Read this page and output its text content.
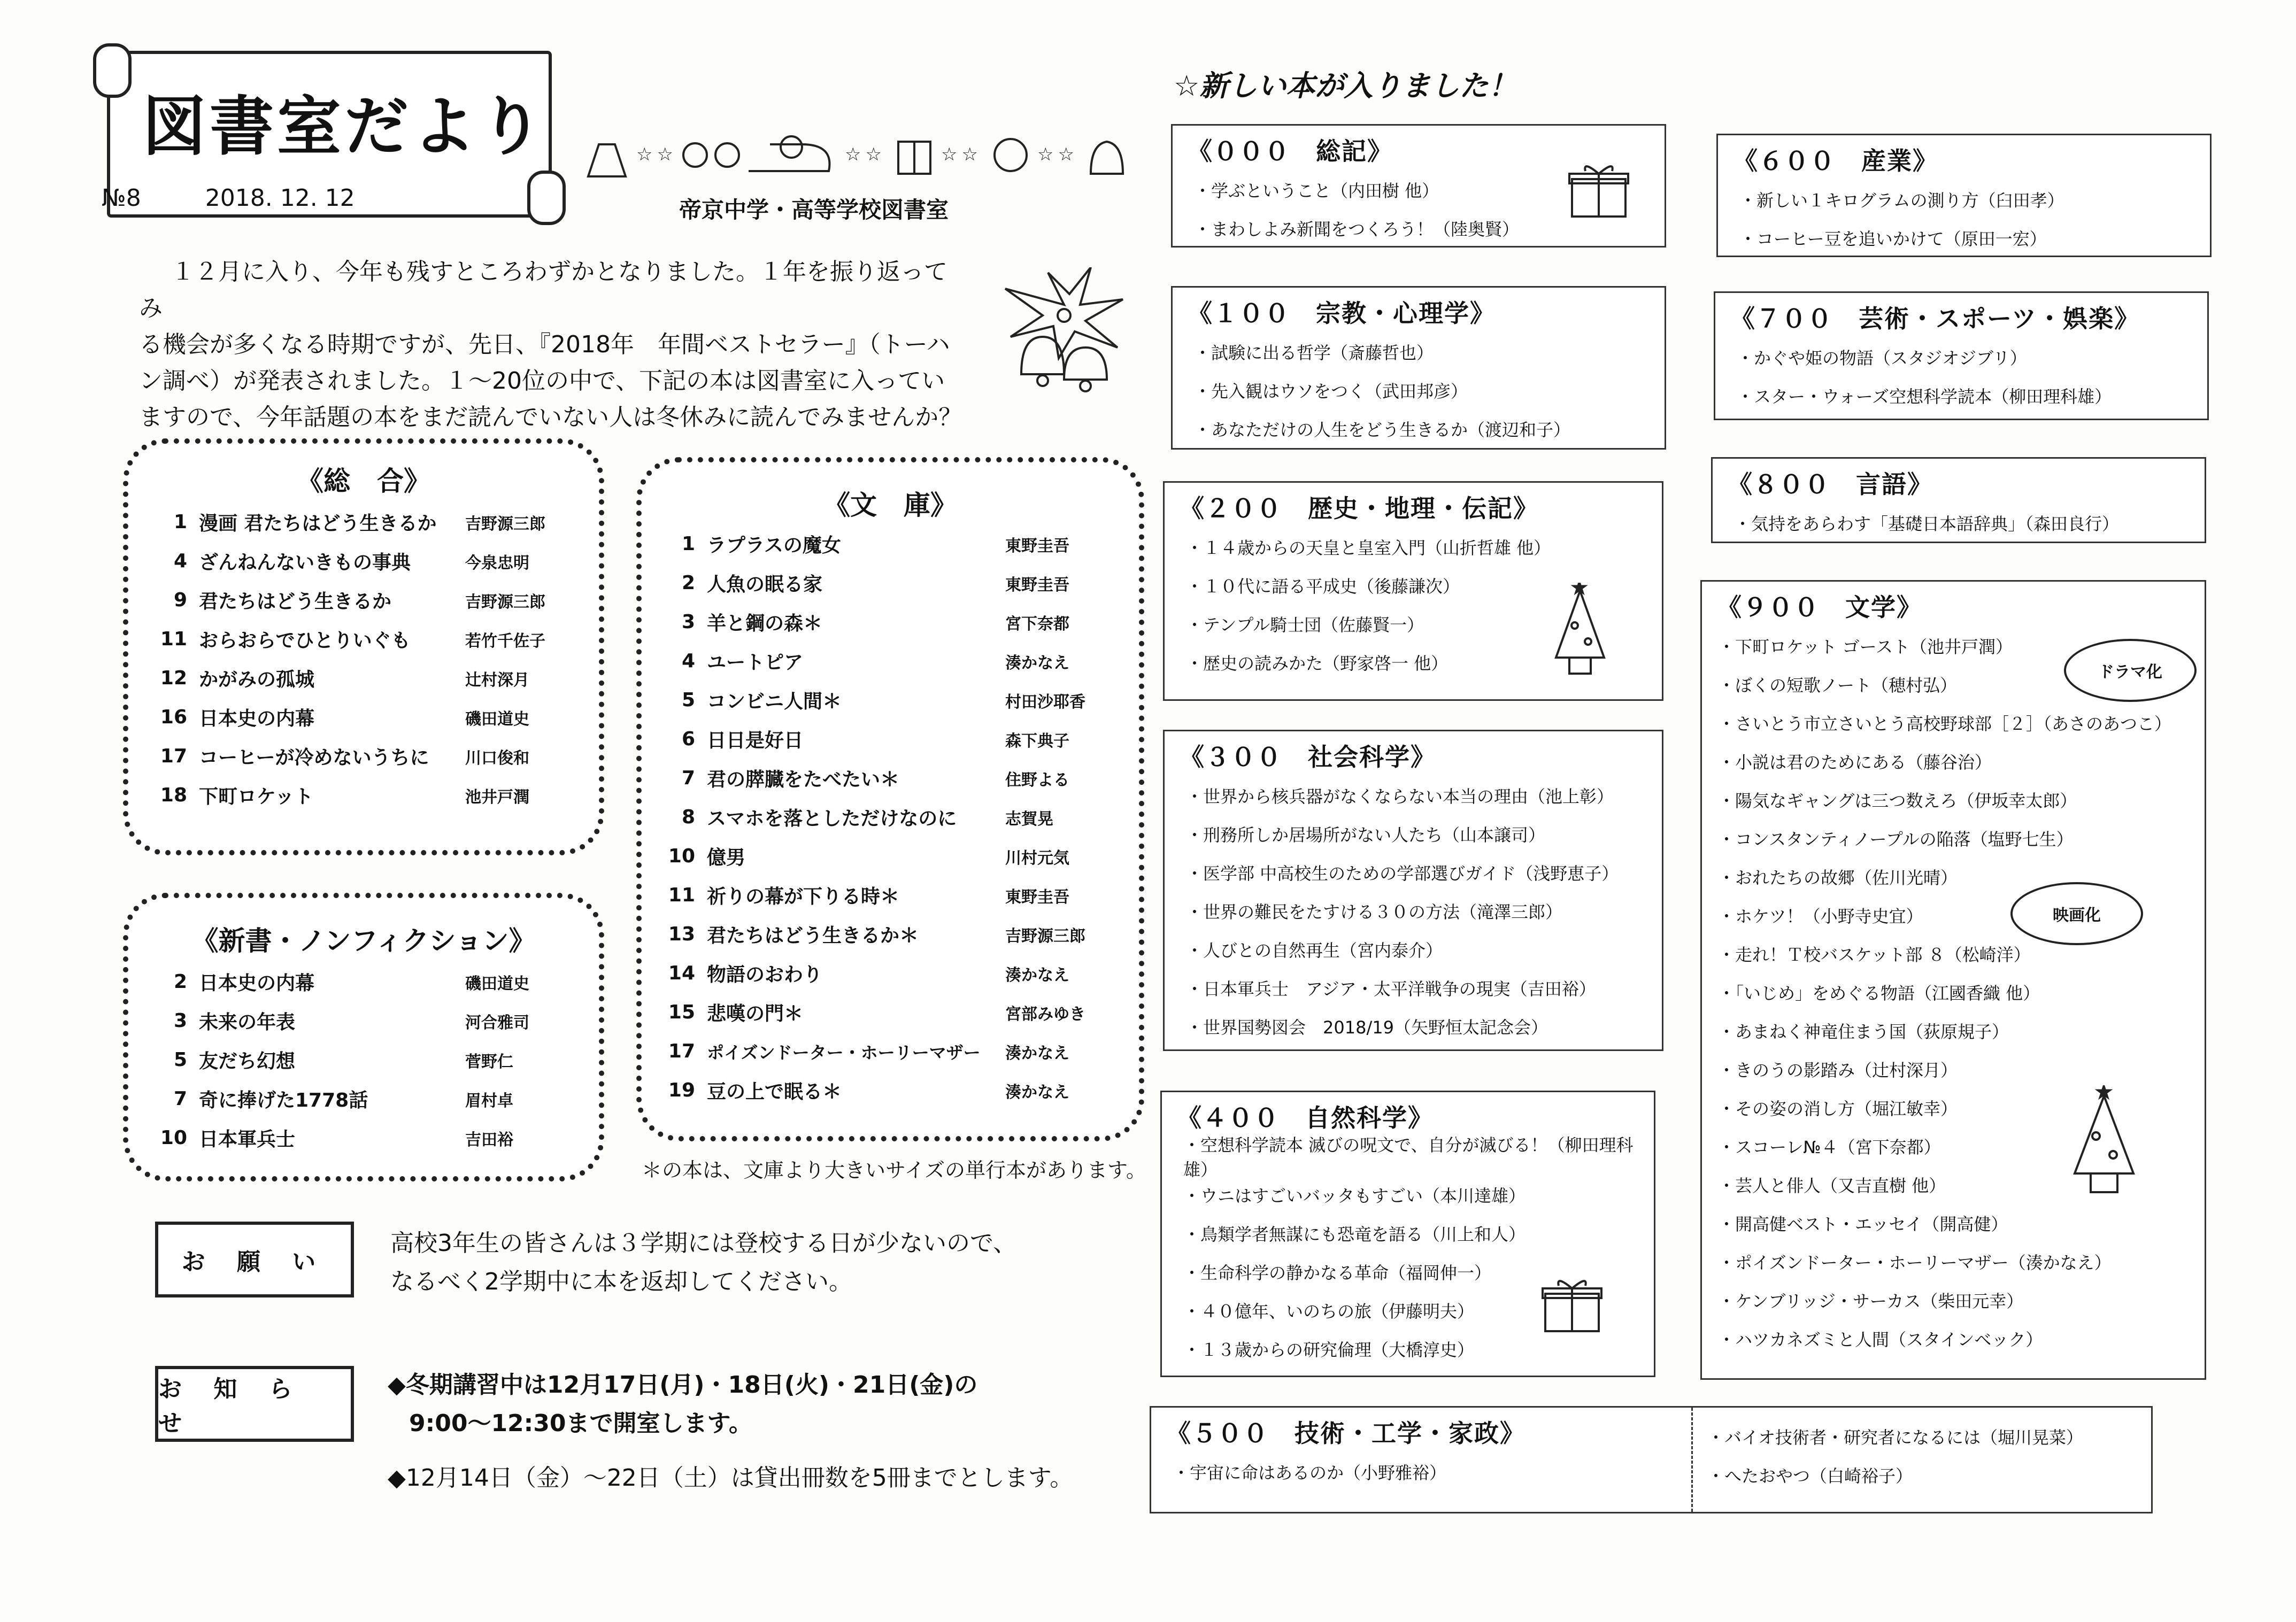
図書室だより
№8	2018. 12. 12
☆☆	☆☆	☆☆	☆☆
帝京中学・高等学校図書室
１２月に入り、今年も残すところわずかとなりました。１年を振り返ってみ
る機会が多くなる時期ですが、先日、『2018年　年間ベストセラー』（トーハ
ン調べ）が発表されました。１～20位の中で、下記の本は図書室に入ってい
ますので、今年話題の本をまだ読んでいない人は冬休みに読んでみませんか？
《総　合》
1 漫画 君たちはどう生きるか	吉野源三郎
4 ざんねんないきもの事典	今泉忠明
9 君たちはどう生きるか	吉野源三郎
11 おらおらでひとりいぐも	若竹千佐子
12 かがみの孤城	辻村深月
16 日本史の内幕	磯田道史
17 コーヒーが冷めないうちに	川口俊和
18 下町ロケット	池井戸潤
《新書・ノンフィクション》
2 日本史の内幕	磯田道史
3 未来の年表	河合雅司
5 友だち幻想	菅野仁
7 奇に捧げた1778話	眉村卓
10 日本軍兵士	吉田裕
《文　庫》
1 ラプラスの魔女	東野圭吾
2 人魚の眠る家	東野圭吾
3 羊と鋼の森＊	宮下奈都
4 ユートピア	湊かなえ
5 コンビニ人間＊	村田沙耶香
6 日日是好日	森下典子
7 君の膵臓をたべたい＊	住野よる
8 スマホを落としただけなのに	志賀晃
10 億男	川村元気
11 祈りの幕が下りる時＊	東野圭吾
13 君たちはどう生きるか＊	吉野源三郎
14 物語のおわり	湊かなえ
15 悲嘆の門＊	宮部みゆき
17 ポイズンドーター・ホーリーマザー	湊かなえ
19 豆の上で眠る＊	湊かなえ
＊の本は、文庫より大きいサイズの単行本があります。
お 願 い
高校3年生の皆さんは３学期には登校する日が少ないので、
なるべく2学期中に本を返却してください。
お 知 ら せ
◆冬期講習中は12月17日(月)・18日(火)・21日(金)の
9:00～12:30まで開室します。
◆12月14日（金）～22日（土）は貸出冊数を5冊までとします。
☆新しい本が入りました！
《０００　総記》
・学ぶということ（内田樹 他）
・まわしよみ新聞をつくろう！（陸奥賢）
《１００　宗教・心理学》
・試験に出る哲学（斎藤哲也）
・先入観はウソをつく（武田邦彦）
・あなただけの人生をどう生きるか（渡辺和子）
《２００　歴史・地理・伝記》
・１４歳からの天皇と皇室入門（山折哲雄 他）
・１０代に語る平成史（後藤謙次）
・テンプル騎士団（佐藤賢一）
・歴史の読みかた（野家啓一 他）
★
《３００　社会科学》
・世界から核兵器がなくならない本当の理由（池上彰）
・刑務所しか居場所がない人たち（山本譲司）
・医学部 中高校生のための学部選びガイド（浅野恵子）
・世界の難民をたすける３０の方法（滝澤三郎）
・人びとの自然再生（宮内泰介）
・日本軍兵士　アジア・太平洋戦争の現実（吉田裕）
・世界国勢図会　2018/19（矢野恒太記念会）
《４００　自然科学》
・空想科学読本 滅びの呪文で、自分が滅びる！（柳田理科雄）
・ウニはすごいバッタもすごい（本川達雄）
・鳥類学者無謀にも恐竜を語る（川上和人）
・生命科学の静かなる革命（福岡伸一）
・４０億年、いのちの旅（伊藤明夫）
・１３歳からの研究倫理（大橋淳史）
《５００　技術・工学・家政》
・宇宙に命はあるのか（小野雅裕）
・バイオ技術者・研究者になるには（堀川晃菜）
・へたおやつ（白崎裕子）
《６００　産業》
・新しい１キログラムの測り方（臼田孝）
・コーヒー豆を追いかけて（原田一宏）
《７００　芸術・スポーツ・娯楽》
・かぐや姫の物語（スタジオジブリ）
・スター・ウォーズ空想科学読本（柳田理科雄）
《８００　言語》
・気持をあらわす「基礎日本語辞典」（森田良行）
《９００　文学》
・下町ロケット ゴースト（池井戸潤）
・ぼくの短歌ノート（穂村弘）
・さいとう市立さいとう高校野球部［２］（あさのあつこ）
・小説は君のためにある（藤谷治）
・陽気なギャングは三つ数えろ（伊坂幸太郎）
・コンスタンティノープルの陥落（塩野七生）
・おれたちの故郷（佐川光晴）
・ホケツ！（小野寺史宜）
・走れ！Ｔ校バスケット部 ８（松崎洋）
・「いじめ」をめぐる物語（江國香織 他）
・あまねく神竜住まう国（荻原規子）
・きのうの影踏み（辻村深月）
・その姿の消し方（堀江敏幸）
・スコーレ№４（宮下奈都）
・芸人と俳人（又吉直樹 他）
・開高健ベスト・エッセイ（開高健）
・ポイズンドーター・ホーリーマザー（湊かなえ）
・ケンブリッジ・サーカス（柴田元幸）
・ハツカネズミと人間（スタインベック）
ドラマ化
映画化
★
